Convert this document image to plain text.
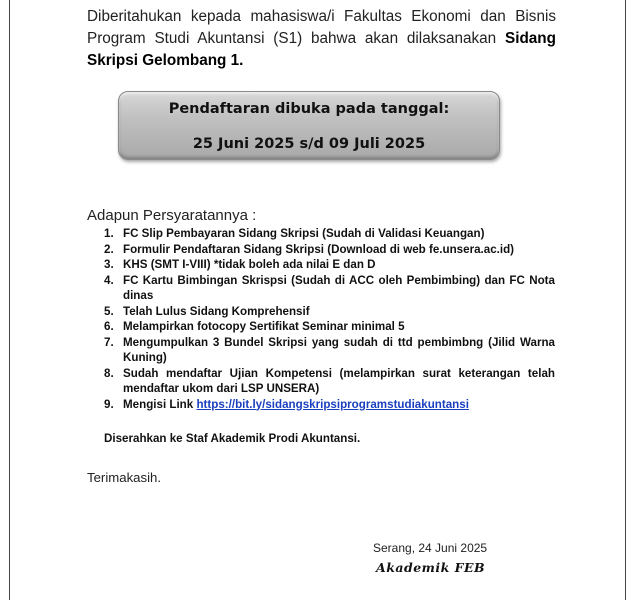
Diberitahukan kepada mahasiswa/i Fakultas Ekonomi dan Bisnis Program Studi Akuntansi (S1) bahwa akan dilaksanakan Sidang Skripsi Gelombang 1.
Pendaftaran dibuka pada tanggal:
25 Juni 2025 s/d 09 Juli 2025
Adapun Persyaratannya :
1. FC Slip Pembayaran Sidang Skripsi (Sudah di Validasi Keuangan)
2. Formulir Pendaftaran Sidang Skripsi (Download di web fe.unsera.ac.id)
3. KHS (SMT I-VIII) *tidak boleh ada nilai E dan D
4. FC Kartu Bimbingan Skrispsi (Sudah di ACC oleh Pembimbing) dan FC Nota dinas
5. Telah Lulus Sidang Komprehensif
6. Melampirkan fotocopy Sertifikat Seminar minimal 5
7. Mengumpulkan 3 Bundel Skripsi yang sudah di ttd pembimbng (Jilid Warna Kuning)
8. Sudah mendaftar Ujian Kompetensi (melampirkan surat keterangan telah mendaftar ukom dari LSP UNSERA)
9. Mengisi Link https://bit.ly/sidangskripsiprogramstudiakuntansi
Diserahkan ke Staf Akademik Prodi Akuntansi.
Terimakasih.
Serang, 24 Juni 2025
Akademik FEB
